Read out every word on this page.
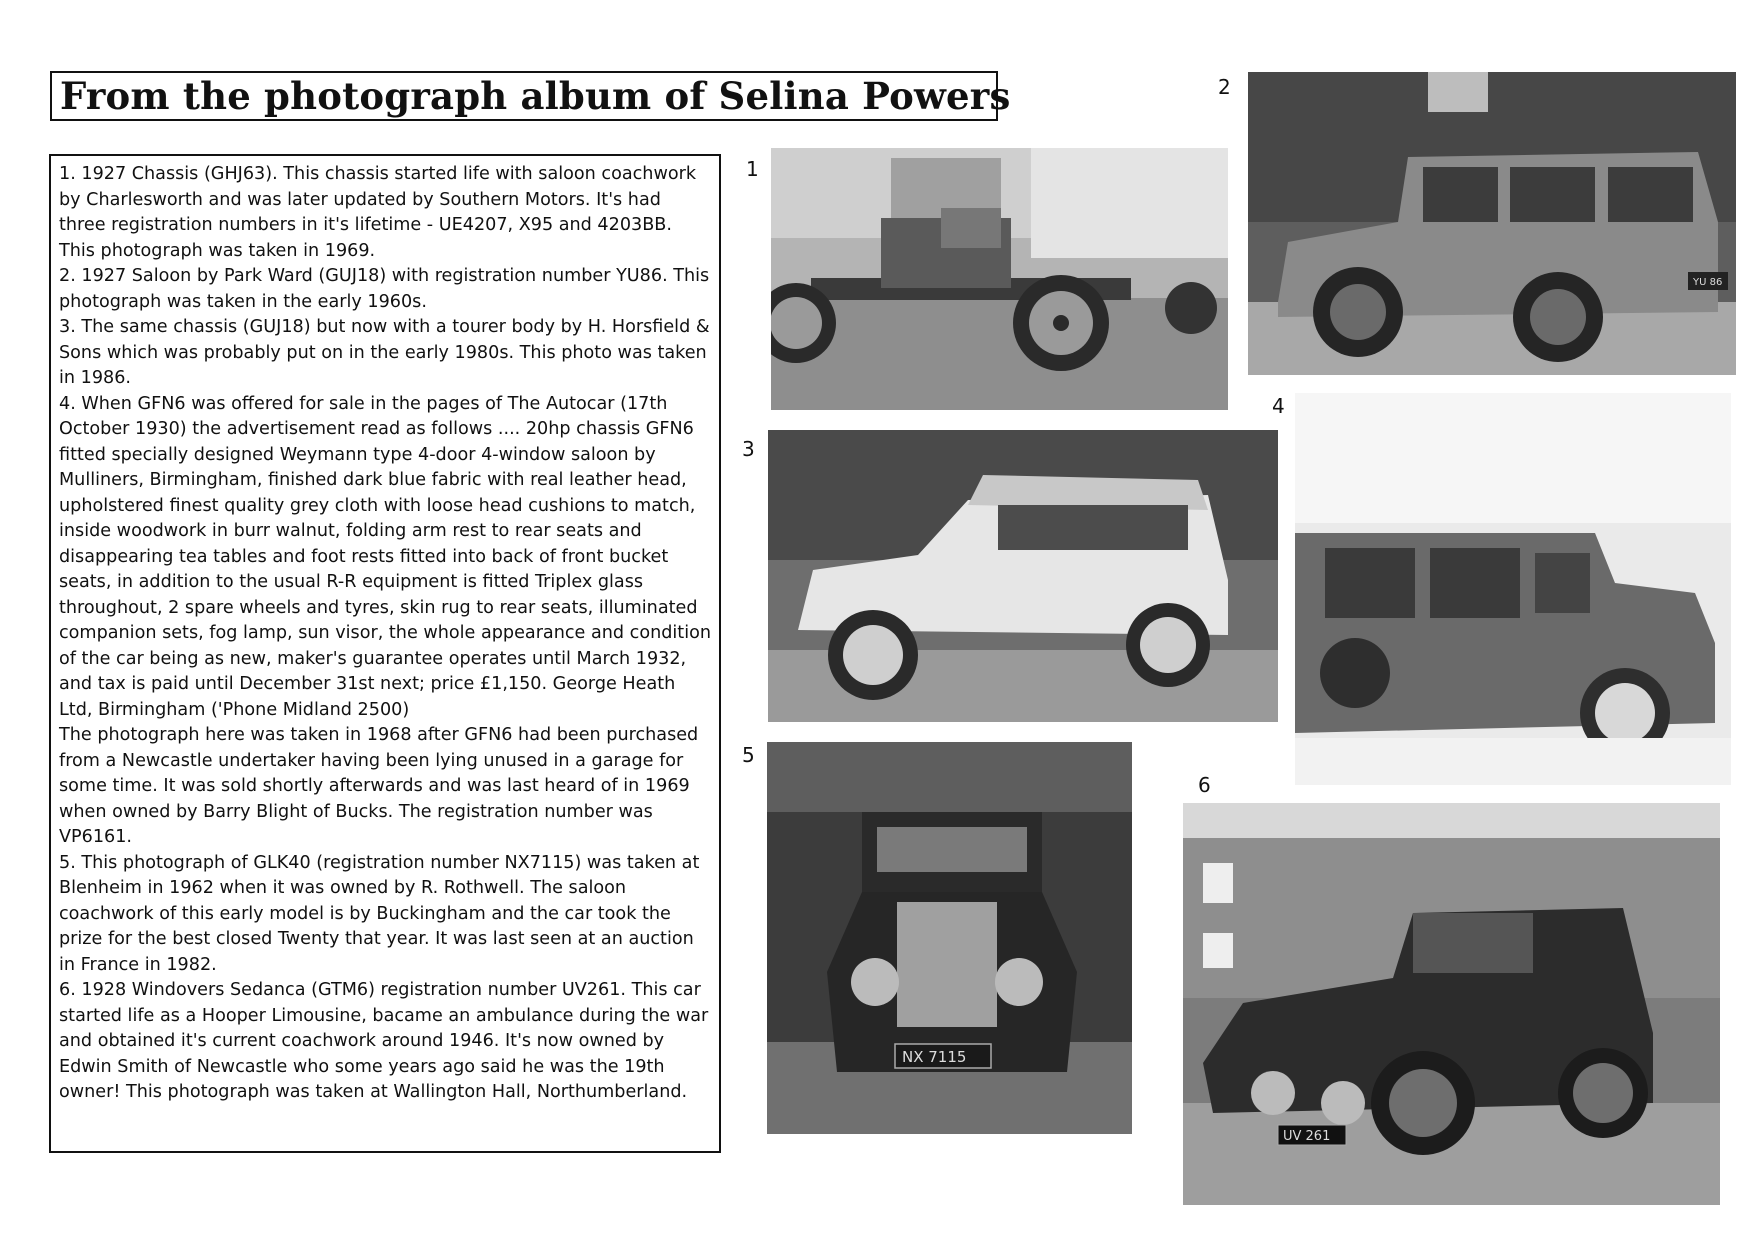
From the photograph album of Selina Powers

1. 1927 Chassis (GHJ63). This chassis started life with saloon coachwork by Charlesworth and was later updated by Southern Motors. It's had three registration numbers in it's lifetime - UE4207, X95 and 4203BB. This photograph was taken in 1969.

2. 1927 Saloon by Park Ward (GUJ18) with registration number YU86. This photograph was taken in the early 1960s.

3. The same chassis (GUJ18) but now with a tourer body by H. Horsfield & Sons which was probably put on in the early 1980s. This photo was taken in 1986.

4. When GFN6 was offered for sale in the pages of The Autocar (17th October 1930) the advertisement read as follows .... 20hp chassis GFN6 fitted specially designed Weymann type 4-door 4-window saloon by Mulliners, Birmingham, finished dark blue fabric with real leather head, upholstered finest quality grey cloth with loose head cushions to match, inside woodwork in burr walnut, folding arm rest to rear seats and disappearing tea tables and foot rests fitted into back of front bucket seats, in addition to the usual R-R equipment is fitted Triplex glass throughout, 2 spare wheels and tyres, skin rug to rear seats, illuminated companion sets, fog lamp, sun visor, the whole appearance and condition of the car being as new, maker's guarantee operates until March 1932, and tax is paid until December 31st next; price £1,150. George Heath Ltd, Birmingham ('Phone Midland 2500)

The photograph here was taken in 1968 after GFN6 had been purchased from a Newcastle undertaker having been lying unused in a garage for some time. It was sold shortly afterwards and was last heard of in 1969 when owned by Barry Blight of Bucks. The registration number was VP6161.

5. This photograph of GLK40 (registration number NX7115) was taken at Blenheim in 1962 when it was owned by R. Rothwell. The saloon coachwork of this early model is by Buckingham and the car took the prize for the best closed Twenty that year. It was last seen at an auction in France in 1982.

6. 1928 Windovers Sedanca (GTM6) registration number UV261. This car started life as a Hooper Limousine, bacame an ambulance during the war and obtained it's current coachwork around 1946. It's now owned by Edwin Smith of Newcastle who some years ago said he was the 19th owner! This photograph was taken at Wallington Hall, Northumberland.

1
2
3
4
5
6
YU 86
NX 7115
UV 261
